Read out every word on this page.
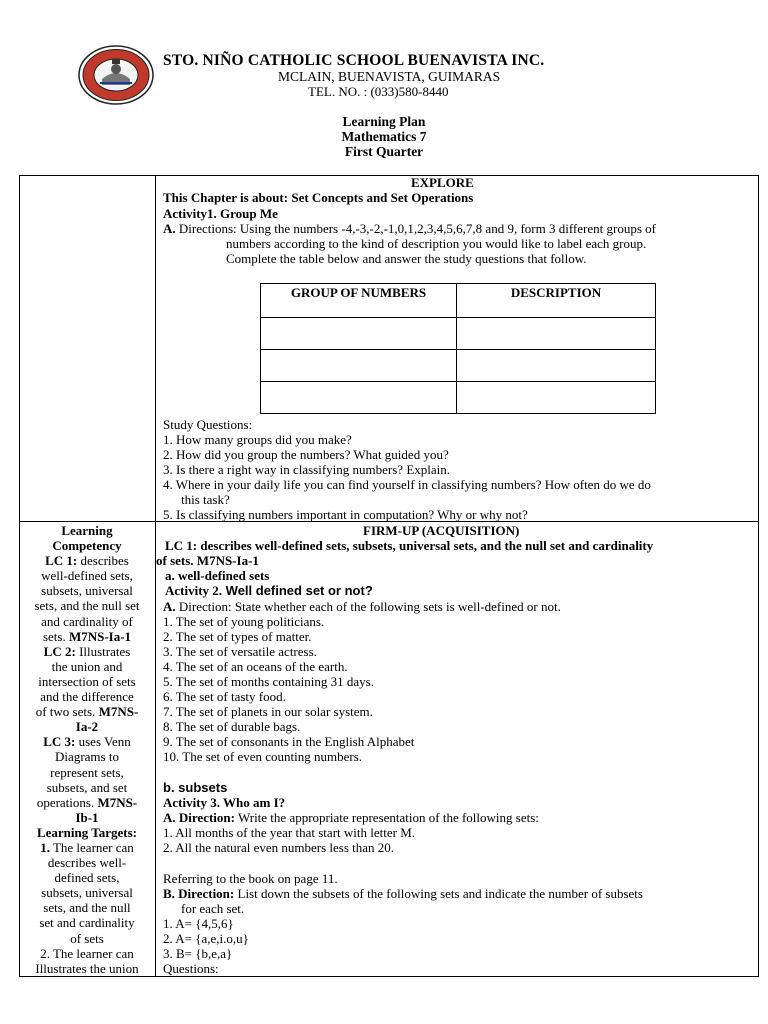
STO. NIÑO CATHOLIC SCHOOL BUENAVISTA INC.
MCLAIN, BUENAVISTA, GUIMARAS
TEL. NO. : (033)580-8440
Learning Plan
Mathematics 7
First Quarter
EXPLORE
This Chapter is about: Set Concepts and Set Operations
Activity1. Group Me
A. Directions: Using the numbers -4,-3,-2,-1,0,1,2,3,4,5,6,7,8 and 9, form 3 different groups of
numbers according to the kind of description you would like to label each group.
Complete the table below and answer the study questions that follow.
GROUP OF NUMBERS	DESCRIPTION

Study Questions:
1. How many groups did you make?
2. How did you group the numbers? What guided you?
3. Is there a right way in classifying numbers? Explain.
4. Where in your daily life you can find yourself in classifying numbers? How often do we do
this task?
5. Is classifying numbers important in computation? Why or why not?
Learning
Competency
LC 1: describes
well-defined sets,
subsets, universal
sets, and the null set
and cardinality of
sets. M7NS-Ia-1
LC 2: Illustrates
the union and
intersection of sets
and the difference
of two sets. M7NS-
Ia-2
LC 3: uses Venn
Diagrams to
represent sets,
subsets, and set
operations. M7NS-
Ib-1
Learning Targets:
1. The learner can
describes well-
defined sets,
subsets, universal
sets, and the null
set and cardinality
of sets
2. The learner can
Illustrates the union
FIRM-UP (ACQUISITION)
LC 1: describes well-defined sets, subsets, universal sets, and the null set and cardinality
of sets. M7NS-Ia-1
a. well-defined sets
Activity 2. Well defined set or not?
A. Direction: State whether each of the following sets is well-defined or not.
1. The set of young politicians.
2. The set of types of matter.
3. The set of versatile actress.
4. The set of an oceans of the earth.
5. The set of months containing 31 days.
6. The set of tasty food.
7. The set of planets in our solar system.
8. The set of durable bags.
9. The set of consonants in the English Alphabet
10. The set of even counting numbers.
b. subsets
Activity 3. Who am I?
A. Direction: Write the appropriate representation of the following sets:
1. All months of the year that start with letter M.
2. All the natural even numbers less than 20.
Referring to the book on page 11.
B. Direction: List down the subsets of the following sets and indicate the number of subsets
for each set.
1. A= {4,5,6}
2. A= {a,e,i.o,u}
3. B= {b,e,a}
Questions:
